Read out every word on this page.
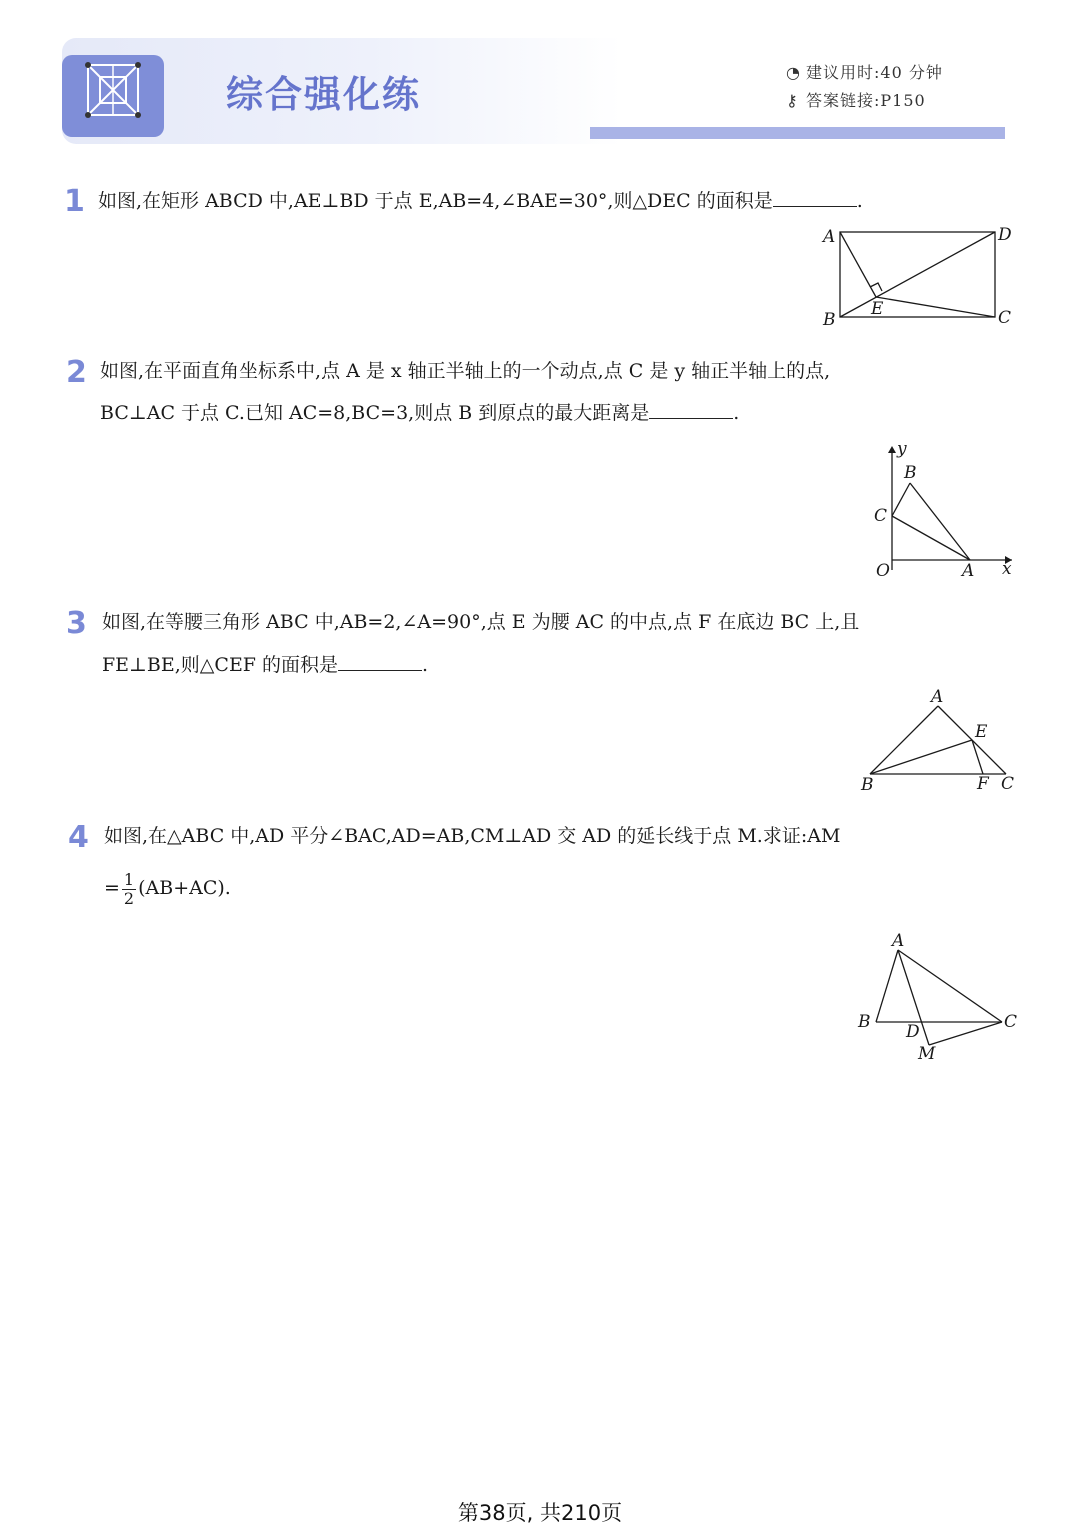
综合强化练
◔ 建议用时:40 分钟
⚷ 答案链接:P150
1 如图,在矩形 ABCD 中,AE⊥BD 于点 E,AB=4,∠BAE=30°,则△DEC 的面积是	.
A	D
B	C
E
2 如图,在平面直角坐标系中,点 A 是 x 轴正半轴上的一个动点,点 C 是 y 轴正半轴上的点,
BC⊥AC 于点 C.已知 AC=8,BC=3,则点 B 到原点的最大距离是	.
y
x
O	A
B
C
3 如图,在等腰三角形 ABC 中,AB=2,∠A=90°,点 E 为腰 AC 的中点,点 F 在底边 BC 上,且
FE⊥BE,则△CEF 的面积是	.
A
E
B	F C
4 如图,在△ABC 中,AD 平分∠BAC,AD=AB,CM⊥AD 交 AD 的延长线于点 M.求证:AM
= $\frac{1}{2} (AB+AC)$.
A
B	C
D
M
第38页, 共210页
